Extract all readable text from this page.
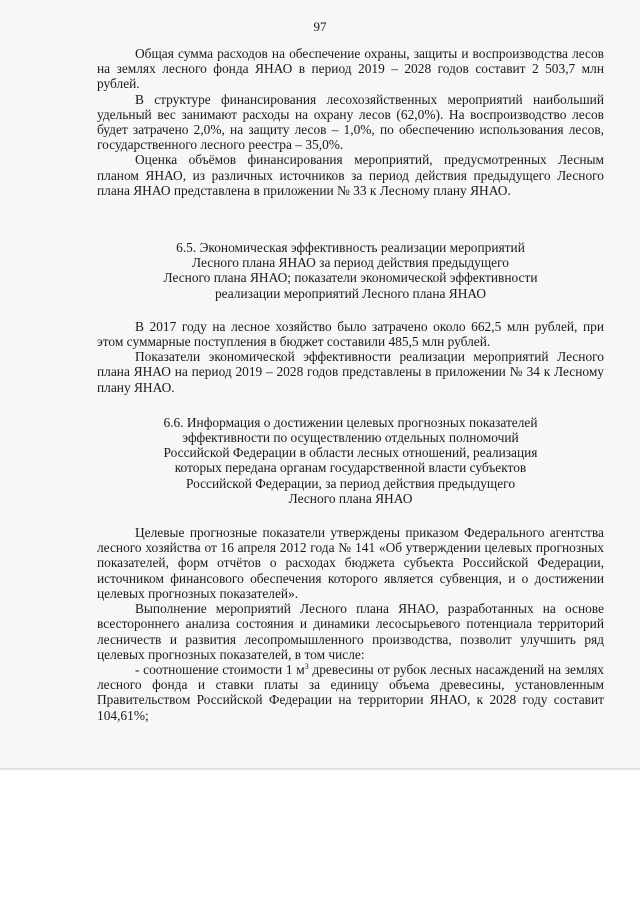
97

Общая сумма расходов на обеспечение охраны, защиты и воспроизводства лесов на землях лесного фонда ЯНАО в период 2019 – 2028 годов составит 2 503,7 млн рублей.

В структуре финансирования лесохозяйственных мероприятий наибольший удельный вес занимают расходы на охрану лесов (62,0%). На воспроизводство лесов будет затрачено 2,0%, на защиту лесов – 1,0%, по обеспечению использования лесов, государственного лесного реестра – 35,0%.

Оценка объёмов финансирования мероприятий, предусмотренных Лесным планом ЯНАО, из различных источников за период действия предыдущего Лесного плана ЯНАО представлена в приложении № 33 к Лесному плану ЯНАО.

6.5. Экономическая эффективность реализации мероприятий
Лесного плана ЯНАО за период действия предыдущего
Лесного плана ЯНАО; показатели экономической эффективности
реализации мероприятий Лесного плана ЯНАО

В 2017 году на лесное хозяйство было затрачено около 662,5 млн рублей, при этом суммарные поступления в бюджет составили 485,5 млн рублей.

Показатели экономической эффективности реализации мероприятий Лесного плана ЯНАО на период 2019 – 2028 годов представлены в приложении № 34 к Лесному плану ЯНАО.

6.6. Информация о достижении целевых прогнозных показателей
эффективности по осуществлению отдельных полномочий
Российской Федерации в области лесных отношений, реализация
которых передана органам государственной власти субъектов
Российской Федерации, за период действия предыдущего
Лесного плана ЯНАО

Целевые прогнозные показатели утверждены приказом Федерального агентства лесного хозяйства от 16 апреля 2012 года № 141 «Об утверждении целевых прогнозных показателей, форм отчётов о расходах бюджета субъекта Российской Федерации, источником финансового обеспечения которого является субвенция, и о достижении целевых прогнозных показателей».

Выполнение мероприятий Лесного плана ЯНАО, разработанных на основе всестороннего анализа состояния и динамики лесосырьевого потенциала территорий лесничеств и развития лесопромышленного производства, позволит улучшить ряд целевых прогнозных показателей, в том числе:

- соотношение стоимости 1 $м^3$ древесины от рубок лесных насаждений на землях лесного фонда и ставки платы за единицу объема древесины, установленным Правительством Российской Федерации на территории ЯНАО, к 2028 году составит 104,61%;
